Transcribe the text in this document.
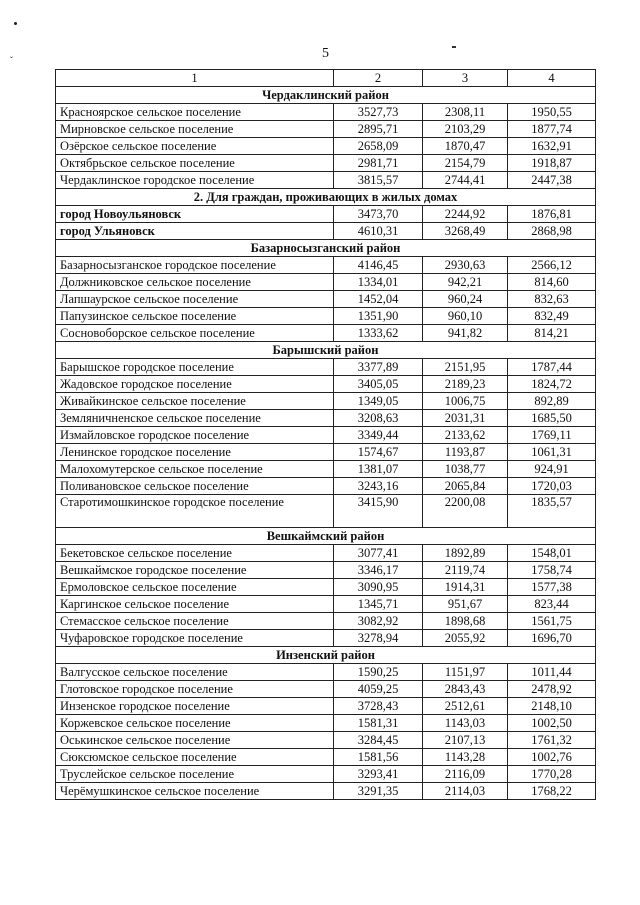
ˇ	5
1	2	3	4
Чердаклинский район			
Красноярское сельское поселение	3527,73	2308,11	1950,55
Мирновское сельское поселение	2895,71	2103,29	1877,74
Озёрское сельское поселение	2658,09	1870,47	1632,91
Октябрьское сельское поселение	2981,71	2154,79	1918,87
Чердаклинское городское поселение	3815,57	2744,41	2447,38
2. Для граждан, проживающих в жилых домах			
город Новоульяновск	3473,70	2244,92	1876,81
город Ульяновск	4610,31	3268,49	2868,98
Базарносызганский район			
Базарносызганское городское поселение	4146,45	2930,63	2566,12
Должниковское сельское поселение	1334,01	942,21	814,60
Лапшаурское сельское поселение	1452,04	960,24	832,63
Папузинское сельское поселение	1351,90	960,10	832,49
Сосновоборское сельское поселение	1333,62	941,82	814,21
Барышский район			
Барышское городское поселение	3377,89	2151,95	1787,44
Жадовское городское поселение	3405,05	2189,23	1824,72
Живайкинское сельское поселение	1349,05	1006,75	892,89
Земляничненское сельское поселение	3208,63	2031,31	1685,50
Измайловское городское поселение	3349,44	2133,62	1769,11
Ленинское городское поселение	1574,67	1193,87	1061,31
Малохомутерское сельское поселение	1381,07	1038,77	924,91
Поливановское сельское поселение	3243,16	2065,84	1720,03
Старотимошкинское городское поселение	3415,90	2200,08	1835,57
Вешкаймский район			
Бекетовское сельское поселение	3077,41	1892,89	1548,01
Вешкаймское городское поселение	3346,17	2119,74	1758,74
Ермоловское сельское поселение	3090,95	1914,31	1577,38
Каргинское сельское поселение	1345,71	951,67	823,44
Стемасское сельское поселение	3082,92	1898,68	1561,75
Чуфаровское городское поселение	3278,94	2055,92	1696,70
Инзенский район			
Валгусское сельское поселение	1590,25	1151,97	1011,44
Глотовское городское поселение	4059,25	2843,43	2478,92
Инзенское городское поселение	3728,43	2512,61	2148,10
Коржевское сельское поселение	1581,31	1143,03	1002,50
Оськинское сельское поселение	3284,45	2107,13	1761,32
Сюксюмское сельское поселение	1581,56	1143,28	1002,76
Труслейское сельское поселение	3293,41	2116,09	1770,28
Черёмушкинское сельское поселение	3291,35	2114,03	1768,22
